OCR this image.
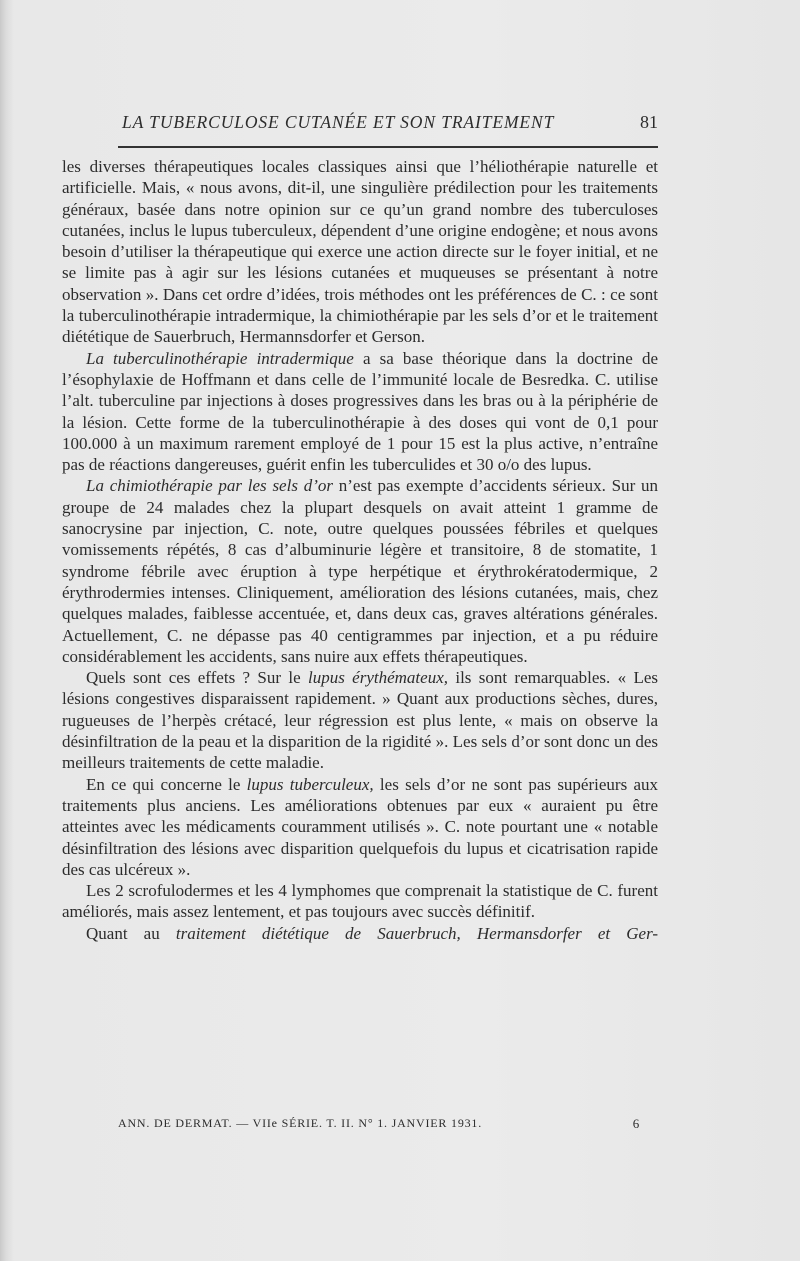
LA TUBERCULOSE CUTANÉE ET SON TRAITEMENT	81

les diverses thérapeutiques locales classiques ainsi que l’héliothérapie naturelle et artificielle. Mais, « nous avons, dit-il, une singulière prédilection pour les traitements généraux, basée dans notre opinion sur ce qu’un grand nombre des tuberculoses cutanées, inclus le lupus tuberculeux, dépendent d’une origine endogène; et nous avons besoin d’utiliser la thérapeutique qui exerce une action directe sur le foyer initial, et ne se limite pas à agir sur les lésions cutanées et muqueuses se présentant à notre observation ». Dans cet ordre d’idées, trois méthodes ont les préférences de C. : ce sont la tuberculinothérapie intradermique, la chimiothérapie par les sels d’or et le traitement diététique de Sauerbruch, Hermannsdorfer et Gerson.

La tuberculinothérapie intradermique a sa base théorique dans la doctrine de l’ésophylaxie de Hoffmann et dans celle de l’immunité locale de Besredka. C. utilise l’alt. tuberculine par injections à doses progressives dans les bras ou à la périphérie de la lésion. Cette forme de la tuberculinothérapie à des doses qui vont de 0,1 pour 100.000 à un maximum rarement employé de 1 pour 15 est la plus active, n’entraîne pas de réactions dangereuses, guérit enfin les tuberculides et 30 o/o des lupus.

La chimiothérapie par les sels d’or n’est pas exempte d’accidents sérieux. Sur un groupe de 24 malades chez la plupart desquels on avait atteint 1 gramme de sanocrysine par injection, C. note, outre quelques poussées fébriles et quelques vomissements répétés, 8 cas d’albuminurie légère et transitoire, 8 de stomatite, 1 syndrome fébrile avec éruption à type herpétique et érythrokératodermique, 2 érythrodermies intenses. Cliniquement, amélioration des lésions cutanées, mais, chez quelques malades, faiblesse accentuée, et, dans deux cas, graves altérations générales. Actuellement, C. ne dépasse pas 40 centigrammes par injection, et a pu réduire considérablement les accidents, sans nuire aux effets thérapeutiques.

Quels sont ces effets ? Sur le lupus érythémateux, ils sont remarquables. « Les lésions congestives disparaissent rapidement. » Quant aux productions sèches, dures, rugueuses de l’herpès crétacé, leur régression est plus lente, « mais on observe la désinfiltration de la peau et la disparition de la rigidité ». Les sels d’or sont donc un des meilleurs traitements de cette maladie.

En ce qui concerne le lupus tuberculeux, les sels d’or ne sont pas supérieurs aux traitements plus anciens. Les améliorations obtenues par eux « auraient pu être atteintes avec les médicaments couramment utilisés ». C. note pourtant une « notable désinfiltration des lésions avec disparition quelquefois du lupus et cicatrisation rapide des cas ulcéreux ».

Les 2 scrofulodermes et les 4 lymphomes que comprenait la statistique de C. furent améliorés, mais assez lentement, et pas toujours avec succès définitif.

Quant au traitement diététique de Sauerbruch, Hermansdorfer et Ger-

ANN. DE DERMAT. — VIIe SÉRIE. T. II. N° 1. JANVIER 1931.	6
